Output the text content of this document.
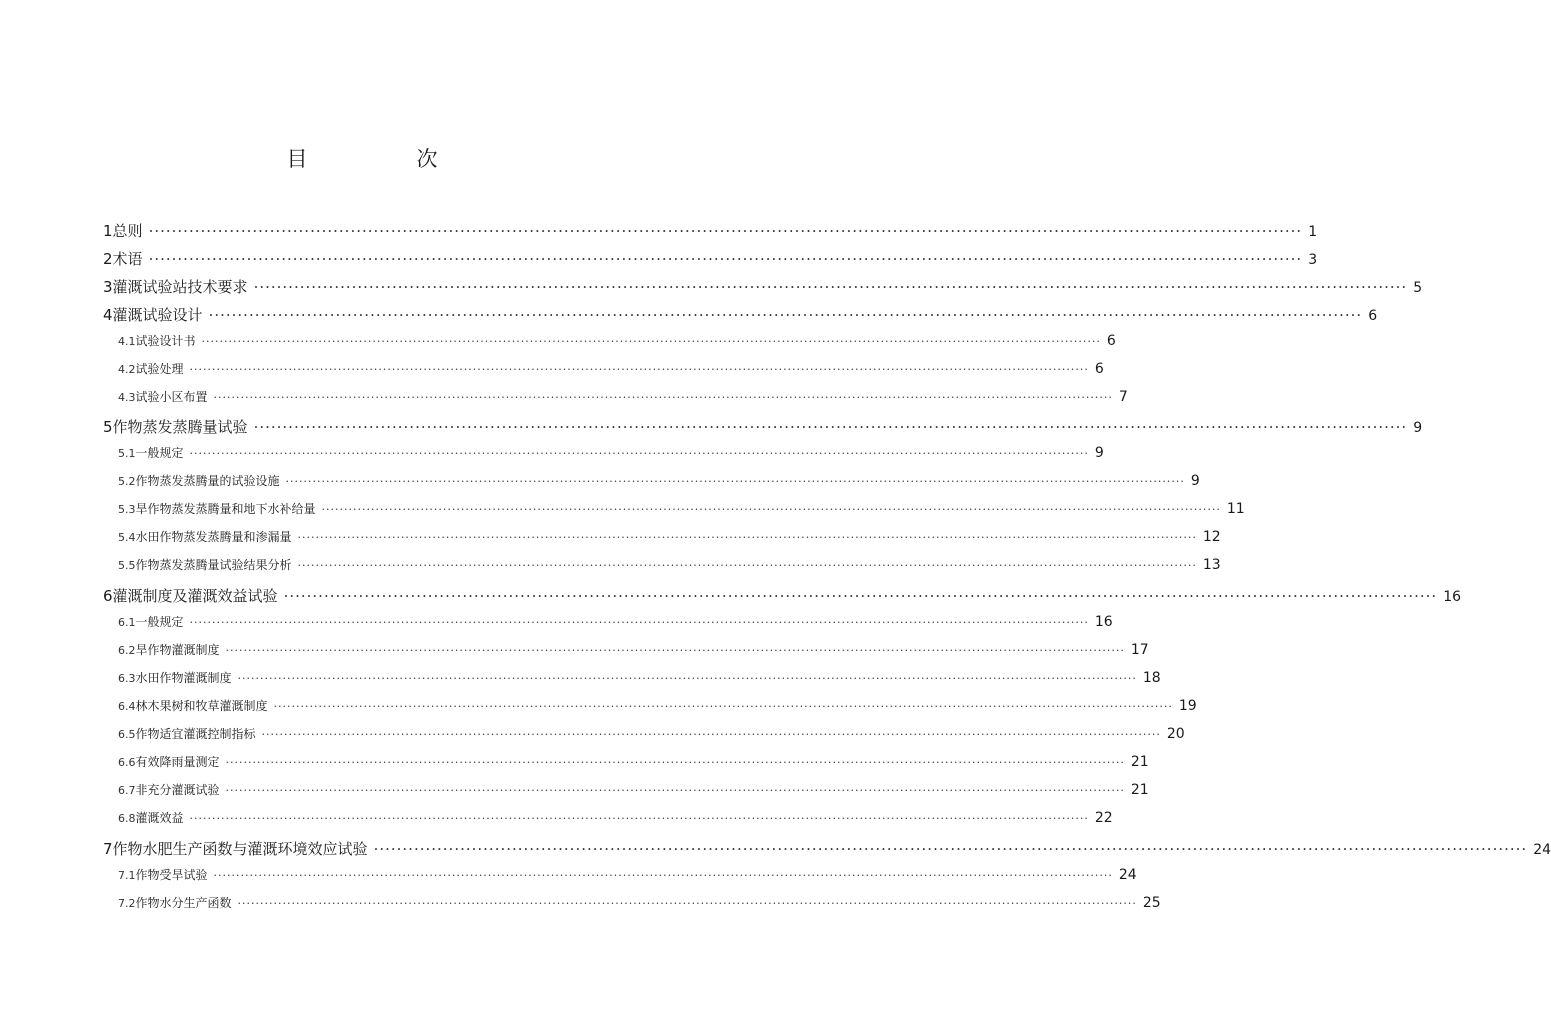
目　次
1 总则 ········································································································································································································ 1
2 术语 ········································································································································································································ 3
3 灌溉试验站技术要求 ········································································································································································································ 5
4 灌溉试验设计 ········································································································································································································ 6
4.1 试验设计书 ········································································································································································································ 6
4.2 试验处理 ········································································································································································································ 6
4.3 试验小区布置 ········································································································································································································ 7
5 作物蒸发蒸腾量试验 ········································································································································································································ 9
5.1 一般规定 ········································································································································································································ 9
5.2 作物蒸发蒸腾量的试验设施 ········································································································································································································ 9
5.3 旱作物蒸发蒸腾量和地下水补给量 ········································································································································································································ 11
5.4 水田作物蒸发蒸腾量和渗漏量 ········································································································································································································ 12
5.5 作物蒸发蒸腾量试验结果分析 ········································································································································································································ 13
6 灌溉制度及灌溉效益试验 ········································································································································································································ 16
6.1 一般规定 ········································································································································································································ 16
6.2 旱作物灌溉制度 ········································································································································································································ 17
6.3 水田作物灌溉制度 ········································································································································································································ 18
6.4 林木果树和牧草灌溉制度 ········································································································································································································ 19
6.5 作物适宜灌溉控制指标 ········································································································································································································ 20
6.6 有效降雨量测定 ········································································································································································································ 21
6.7 非充分灌溉试验 ········································································································································································································ 21
6.8 灌溉效益 ········································································································································································································ 22
7 作物水肥生产函数与灌溉环境效应试验 ········································································································································································································ 24
7.1 作物受旱试验 ········································································································································································································ 24
7.2 作物水分生产函数 ········································································································································································································ 25
